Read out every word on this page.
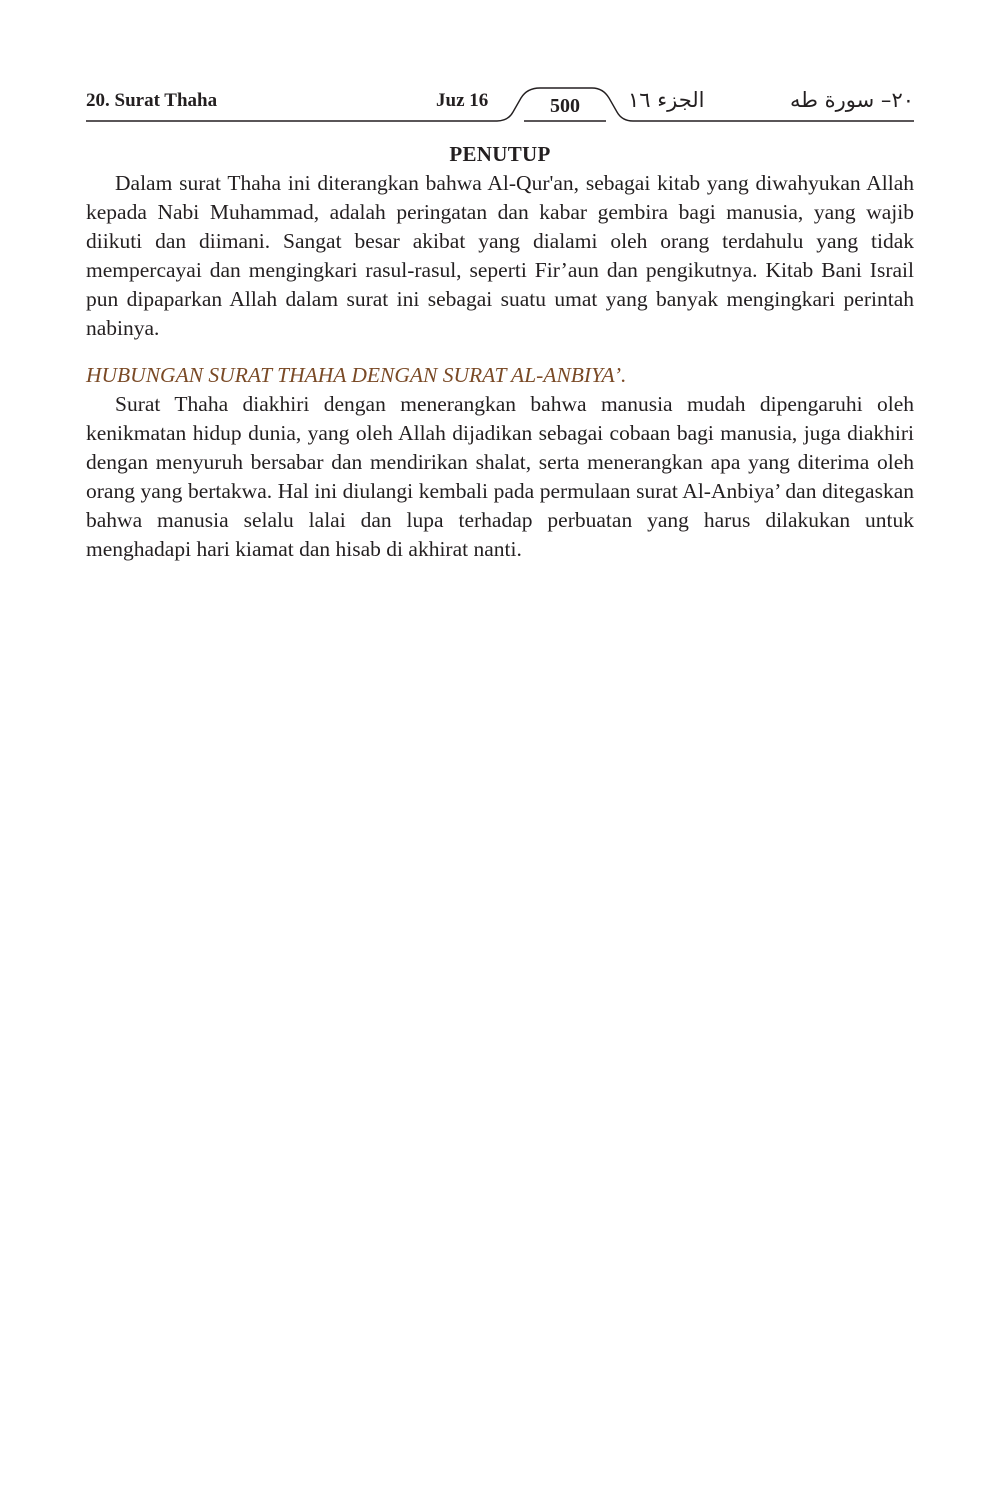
20. Surat Thaha	Juz 16	500	الجزء ١٦	٢٠– سورة طه
PENUTUP

Dalam surat Thaha ini diterangkan bahwa Al-Qur'an, sebagai kitab yang diwahyukan Allah kepada Nabi Muhammad, adalah peringatan dan kabar gembira bagi manusia, yang wajib diikuti dan diimani. Sangat besar akibat yang dialami oleh orang terdahulu yang tidak mempercayai dan mengingkari rasul-rasul, seperti Fir’aun dan pengikutnya. Kitab Bani Israil pun dipaparkan Allah dalam surat ini sebagai suatu umat yang banyak mengingkari perintah nabinya.

HUBUNGAN SURAT THAHA DENGAN SURAT AL-ANBIYA’.

Surat Thaha diakhiri dengan menerangkan bahwa manusia mudah dipengaruhi oleh kenikmatan hidup dunia, yang oleh Allah dijadikan sebagai cobaan bagi manusia, juga diakhiri dengan menyuruh bersabar dan mendirikan shalat, serta menerangkan apa yang diterima oleh orang yang bertakwa. Hal ini diulangi kembali pada permulaan surat Al-Anbiya’ dan ditegaskan bahwa manusia selalu lalai dan lupa terhadap perbuatan yang harus dilakukan untuk menghadapi hari kiamat dan hisab di akhirat nanti.
